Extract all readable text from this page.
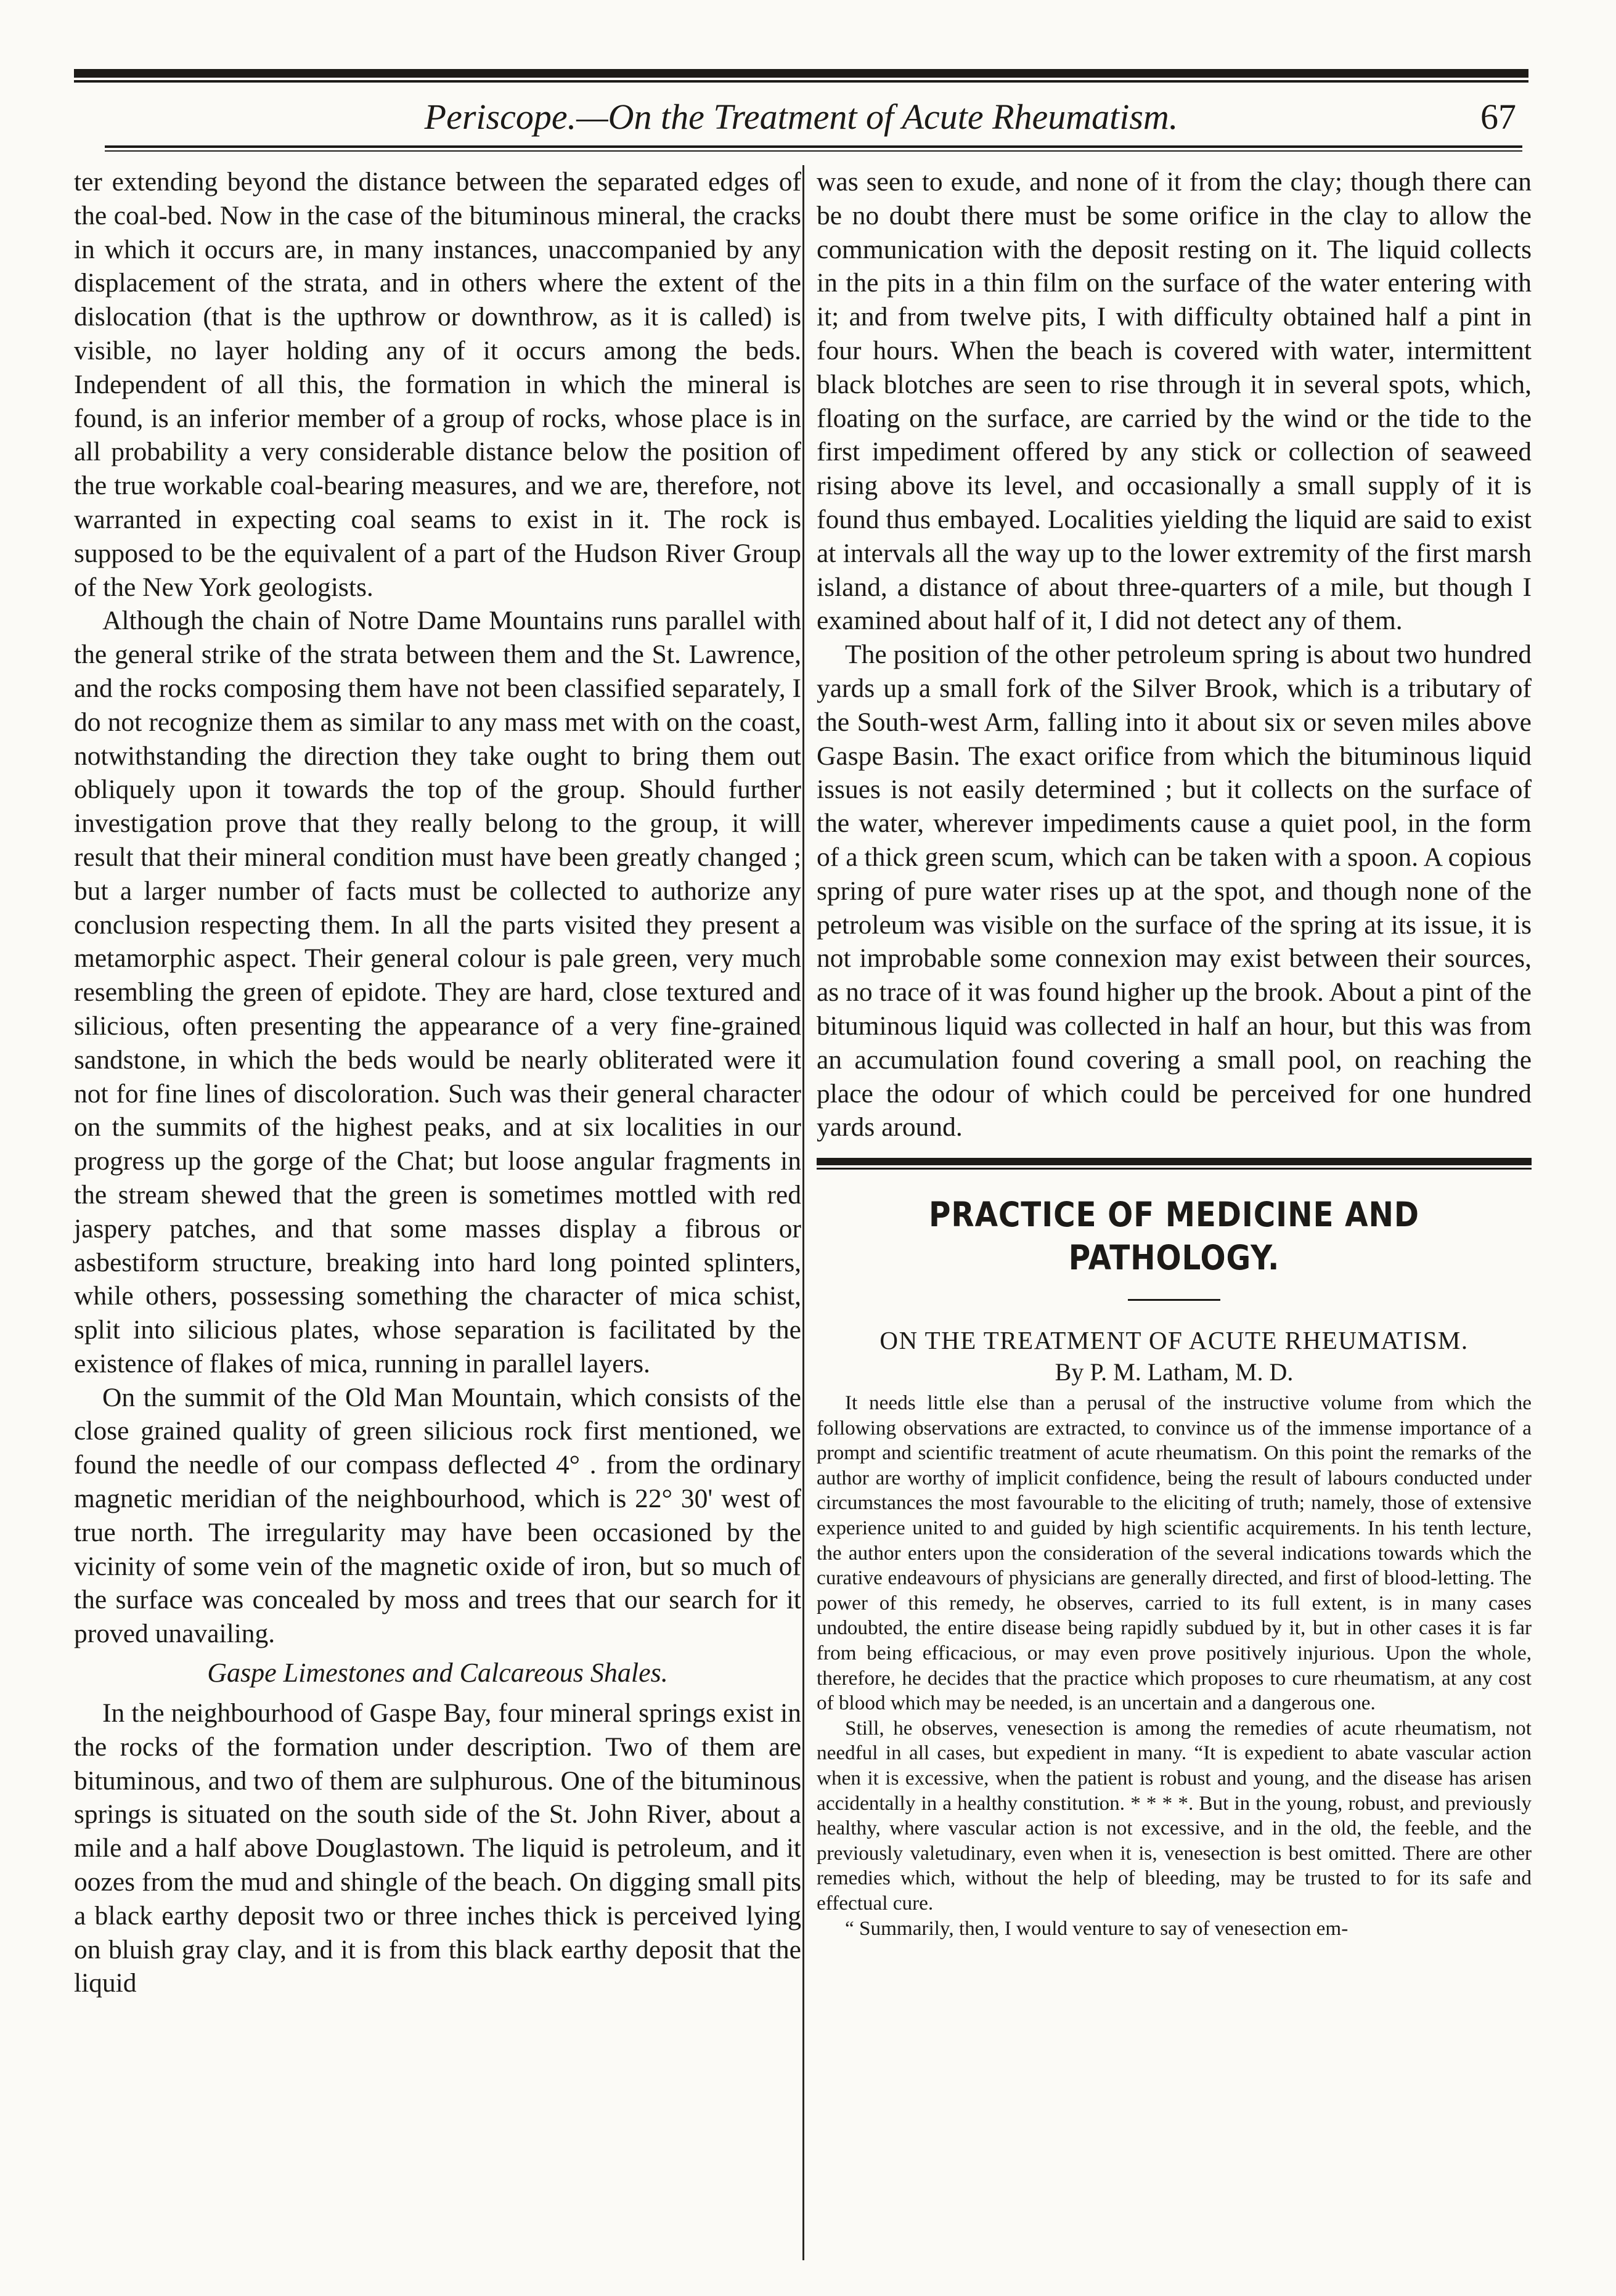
Periscope.—On the Treatment of Acute Rheumatism.	67

ter extending beyond the distance between the separated edges of the coal-bed. Now in the case of the bituminous mineral, the cracks in which it occurs are, in many instances, unaccompanied by any displacement of the strata, and in others where the extent of the dislocation (that is the upthrow or downthrow, as it is called) is visible, no layer holding any of it occurs among the beds. Independent of all this, the formation in which the mineral is found, is an inferior member of a group of rocks, whose place is in all probability a very considerable distance below the position of the true workable coal-bearing measures, and we are, therefore, not warranted in expecting coal seams to exist in it. The rock is supposed to be the equivalent of a part of the Hudson River Group of the New York geologists.

Although the chain of Notre Dame Mountains runs parallel with the general strike of the strata between them and the St. Lawrence, and the rocks composing them have not been classified separately, I do not recognize them as similar to any mass met with on the coast, notwithstanding the direction they take ought to bring them out obliquely upon it towards the top of the group. Should further investigation prove that they really belong to the group, it will result that their mineral condition must have been greatly changed ; but a larger number of facts must be collected to authorize any conclusion respecting them. In all the parts visited they present a metamorphic aspect. Their general colour is pale green, very much resembling the green of epidote. They are hard, close textured and silicious, often presenting the appearance of a very fine-grained sandstone, in which the beds would be nearly obliterated were it not for fine lines of discoloration. Such was their general character on the summits of the highest peaks, and at six localities in our progress up the gorge of the Chat; but loose angular fragments in the stream shewed that the green is sometimes mottled with red jaspery patches, and that some masses display a fibrous or asbestiform structure, breaking into hard long pointed splinters, while others, possessing something the character of mica schist, split into silicious plates, whose separation is facilitated by the existence of flakes of mica, running in parallel layers.

On the summit of the Old Man Mountain, which consists of the close grained quality of green silicious rock first mentioned, we found the needle of our compass deflected 4° . from the ordinary magnetic meridian of the neighbourhood, which is 22° 30' west of true north. The irregularity may have been occasioned by the vicinity of some vein of the magnetic oxide of iron, but so much of the surface was concealed by moss and trees that our search for it proved unavailing.

Gaspe Limestones and Calcareous Shales.

In the neighbourhood of Gaspe Bay, four mineral springs exist in the rocks of the formation under description. Two of them are bituminous, and two of them are sulphurous. One of the bituminous springs is situated on the south side of the St. John River, about a mile and a half above Douglastown. The liquid is petroleum, and it oozes from the mud and shingle of the beach. On digging small pits a black earthy deposit two or three inches thick is perceived lying on bluish gray clay, and it is from this black earthy deposit that the liquid

was seen to exude, and none of it from the clay; though there can be no doubt there must be some orifice in the clay to allow the communication with the deposit resting on it. The liquid collects in the pits in a thin film on the surface of the water entering with it; and from twelve pits, I with difficulty obtained half a pint in four hours. When the beach is covered with water, intermittent black blotches are seen to rise through it in several spots, which, floating on the surface, are carried by the wind or the tide to the first impediment offered by any stick or collection of seaweed rising above its level, and occasionally a small supply of it is found thus embayed. Localities yielding the liquid are said to exist at intervals all the way up to the lower extremity of the first marsh island, a distance of about three-quarters of a mile, but though I examined about half of it, I did not detect any of them.

The position of the other petroleum spring is about two hundred yards up a small fork of the Silver Brook, which is a tributary of the South-west Arm, falling into it about six or seven miles above Gaspe Basin. The exact orifice from which the bituminous liquid issues is not easily determined ; but it collects on the surface of the water, wherever impediments cause a quiet pool, in the form of a thick green scum, which can be taken with a spoon. A copious spring of pure water rises up at the spot, and though none of the petroleum was visible on the surface of the spring at its issue, it is not improbable some connexion may exist between their sources, as no trace of it was found higher up the brook. About a pint of the bituminous liquid was collected in half an hour, but this was from an accumulation found covering a small pool, on reaching the place the odour of which could be perceived for one hundred yards around.

PRACTICE OF MEDICINE AND PATHOLOGY.
ON THE TREATMENT OF ACUTE RHEUMATISM.
By P. M. Latham, M. D.

It needs little else than a perusal of the instructive volume from which the following observations are extracted, to convince us of the immense importance of a prompt and scientific treatment of acute rheumatism. On this point the remarks of the author are worthy of implicit confidence, being the result of labours conducted under circumstances the most favourable to the eliciting of truth; namely, those of extensive experience united to and guided by high scientific acquirements. In his tenth lecture, the author enters upon the consideration of the several indications towards which the curative endeavours of physicians are generally directed, and first of blood-letting. The power of this remedy, he observes, carried to its full extent, is in many cases undoubted, the entire disease being rapidly subdued by it, but in other cases it is far from being efficacious, or may even prove positively injurious. Upon the whole, therefore, he decides that the practice which proposes to cure rheumatism, at any cost of blood which may be needed, is an uncertain and a dangerous one.

Still, he observes, venesection is among the remedies of acute rheumatism, not needful in all cases, but expedient in many. “It is expedient to abate vascular action when it is excessive, when the patient is robust and young, and the disease has arisen accidentally in a healthy constitution. * * * *. But in the young, robust, and previously healthy, where vascular action is not excessive, and in the old, the feeble, and the previously valetudinary, even when it is, venesection is best omitted. There are other remedies which, without the help of bleeding, may be trusted to for its safe and effectual cure.

“ Summarily, then, I would venture to say of venesection em-
